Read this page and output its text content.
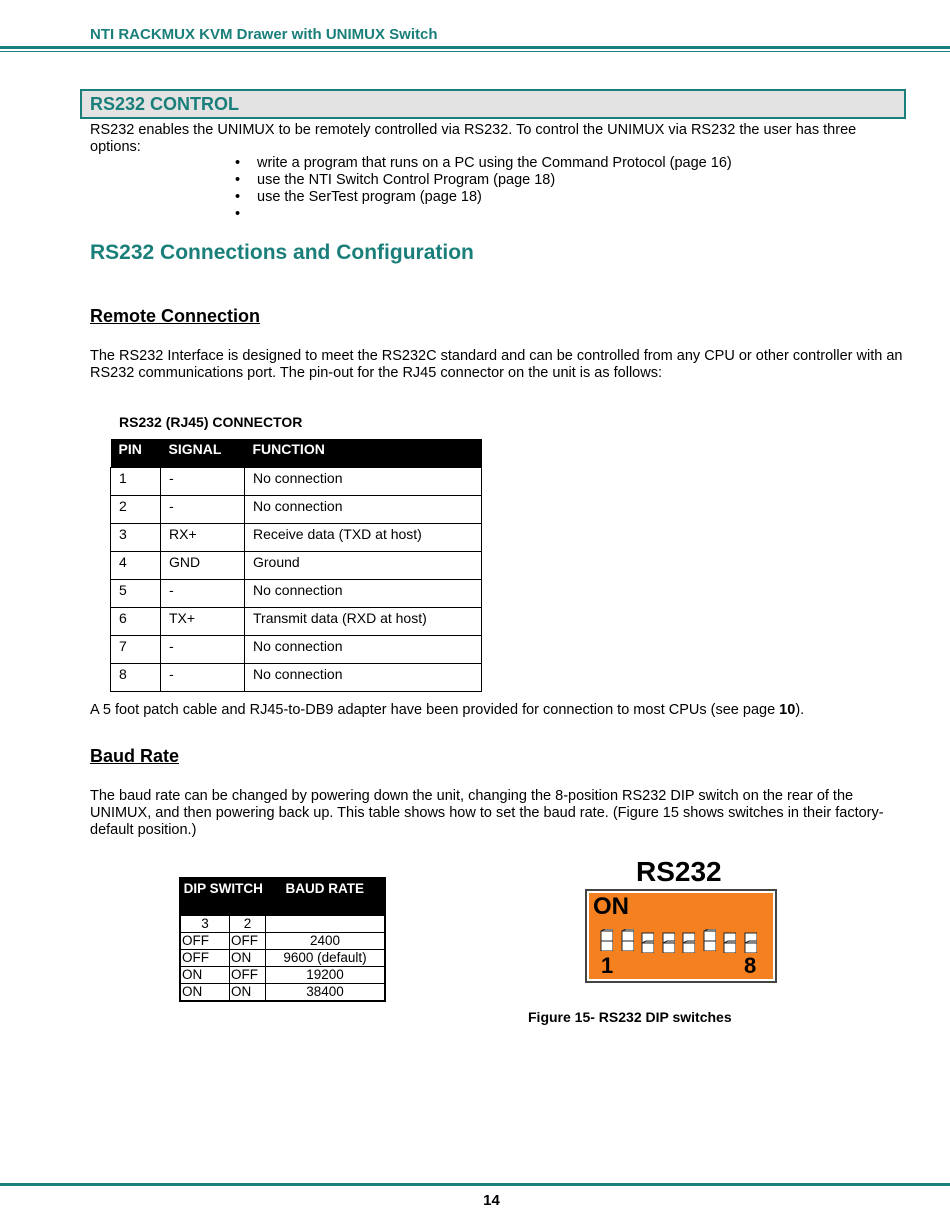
NTI RACKMUX KVM Drawer with UNIMUX Switch
RS232 CONTROL
RS232 enables the UNIMUX to be remotely controlled via RS232. To control the UNIMUX via RS232 the user has three options:
• write a program that runs on a PC using the Command Protocol (page 16)
• use the NTI Switch Control Program (page 18)
• use the SerTest program (page 18)
•
RS232 Connections and Configuration
Remote Connection
The RS232 Interface is designed to meet the RS232C standard and can be controlled from any CPU or other controller with an RS232 communications port. The pin-out for the RJ45 connector on the unit is as follows:
RS232 (RJ45) CONNECTOR
PIN	SIGNAL	FUNCTION
1	-	No connection
2	-	No connection
3	RX+	Receive data (TXD at host)
4	GND	Ground
5	-	No connection
6	TX+	Transmit data (RXD at host)
7	-	No connection
8	-	No connection
A 5 foot patch cable and RJ45-to-DB9 adapter have been provided for connection to most CPUs (see page 10).
Baud Rate
The baud rate can be changed by powering down the unit, changing the 8-position RS232 DIP switch on the rear of the UNIMUX, and then powering back up. This table shows how to set the baud rate. (Figure 15 shows switches in their factory-default position.)
DIP SWITCH		BAUD RATE
3	2	
OFF	OFF	2400
OFF	ON	9600 (default)
ON	OFF	19200
ON	ON	38400
RS232
ON
1	8
Figure 15- RS232 DIP switches
14
